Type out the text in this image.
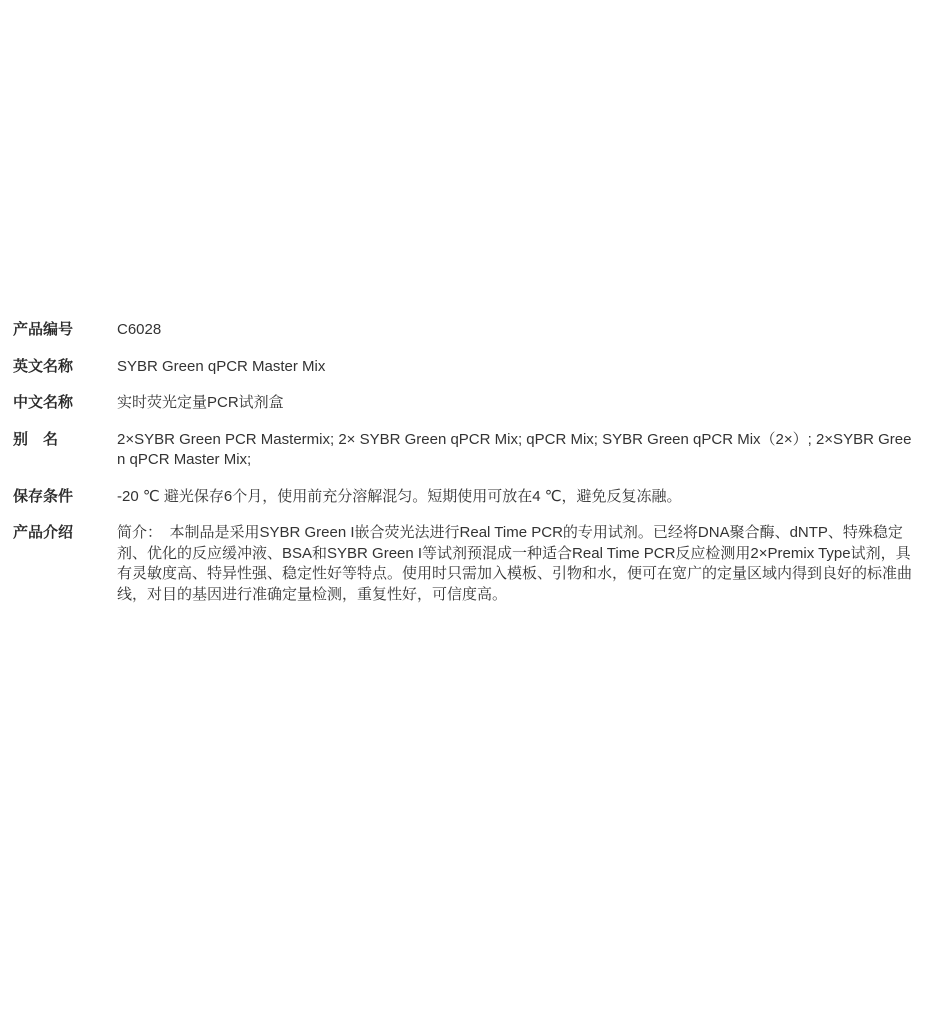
产品编号	C6028
英文名称	SYBR Green qPCR Master Mix
中文名称	实时荧光定量PCR试剂盒
别　名	2×SYBR Green PCR Mastermix; 2× SYBR Green qPCR Mix; qPCR Mix; SYBR Green qPCR Mix（2×）; 2×SYBR Green qPCR Master Mix;
保存条件	-20 ℃ 避光保存6个月，使用前充分溶解混匀。短期使用可放在4 ℃，避免反复冻融。
产品介绍	简介：　本制品是采用SYBR Green I嵌合荧光法进行Real Time PCR的专用试剂。已经将DNA聚合酶、dNTP、特殊稳定剂、优化的反应缓冲液、BSA和SYBR Green I等试剂预混成一种适合Real Time PCR反应检测用2×Premix Type试剂，具有灵敏度高、特异性强、稳定性好等特点。使用时只需加入模板、引物和水，便可在宽广的定量区域内得到良好的标准曲线，对目的基因进行准确定量检测，重复性好，可信度高。
